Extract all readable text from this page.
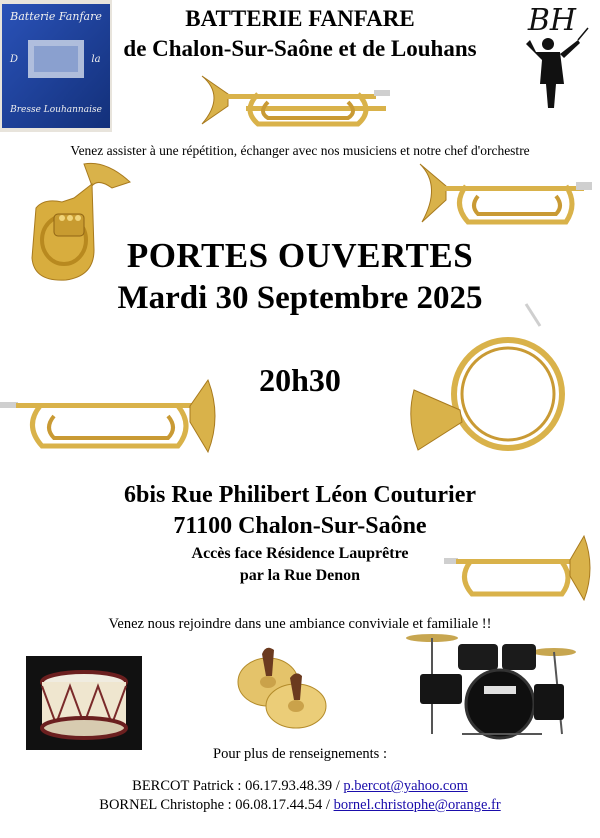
Batterie Fanfare
D	la
Bresse Louhannaise
BH
BATTERIE FANFARE
de Chalon-Sur-Saône et de Louhans
Venez assister à une répétition, échanger avec nos musiciens et notre chef d'orchestre
PORTES OUVERTES
Mardi 30 Septembre 2025
20h30
6bis Rue Philibert Léon Couturier
71100 Chalon-Sur-Saône
Accès face Résidence Lauprêtre
par la Rue Denon
Venez nous rejoindre dans une ambiance conviviale et familiale !!
Pour plus de renseignements :
BERCOT Patrick : 06.17.93.48.39 / p.bercot@yahoo.com
BORNEL Christophe : 06.08.17.44.54 / bornel.christophe@orange.fr
